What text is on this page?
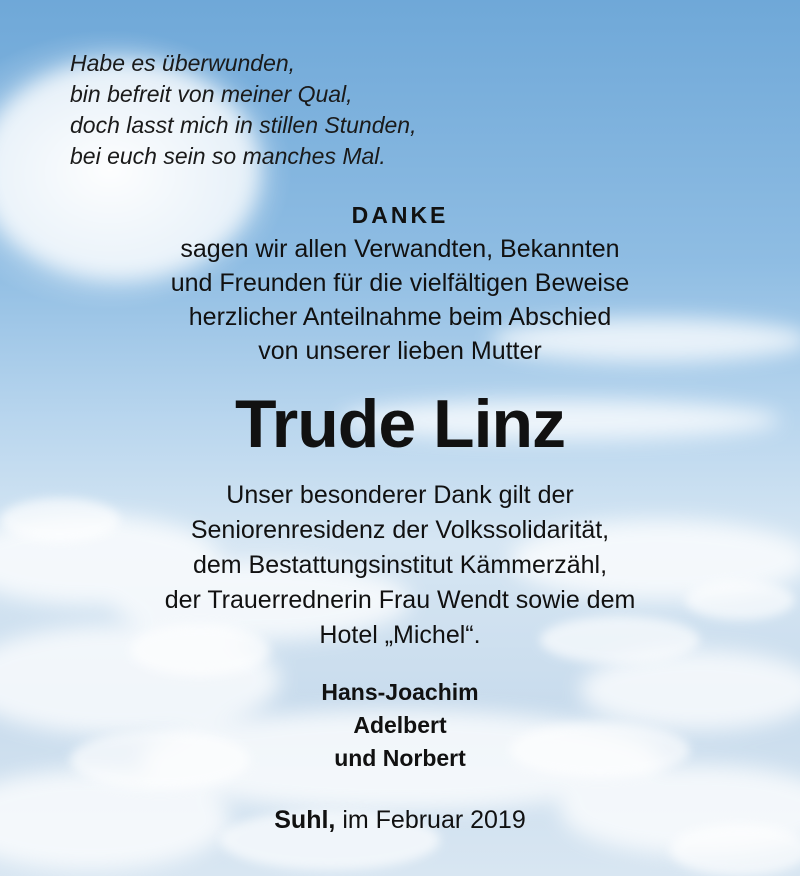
Habe es überwunden,
bin befreit von meiner Qual,
doch lasst mich in stillen Stunden,
bei euch sein so manches Mal.

DANKE
sagen wir allen Verwandten, Bekannten
und Freunden für die vielfältigen Beweise
herzlicher Anteilnahme beim Abschied
von unserer lieben Mutter
Trude Linz
Unser besonderer Dank gilt der
Seniorenresidenz der Volkssolidarität,
dem Bestattungsinstitut Kämmerzähl,
der Trauerrednerin Frau Wendt sowie dem
Hotel „Michel“.
Hans-Joachim
Adelbert
und Norbert
Suhl, im Februar 2019
